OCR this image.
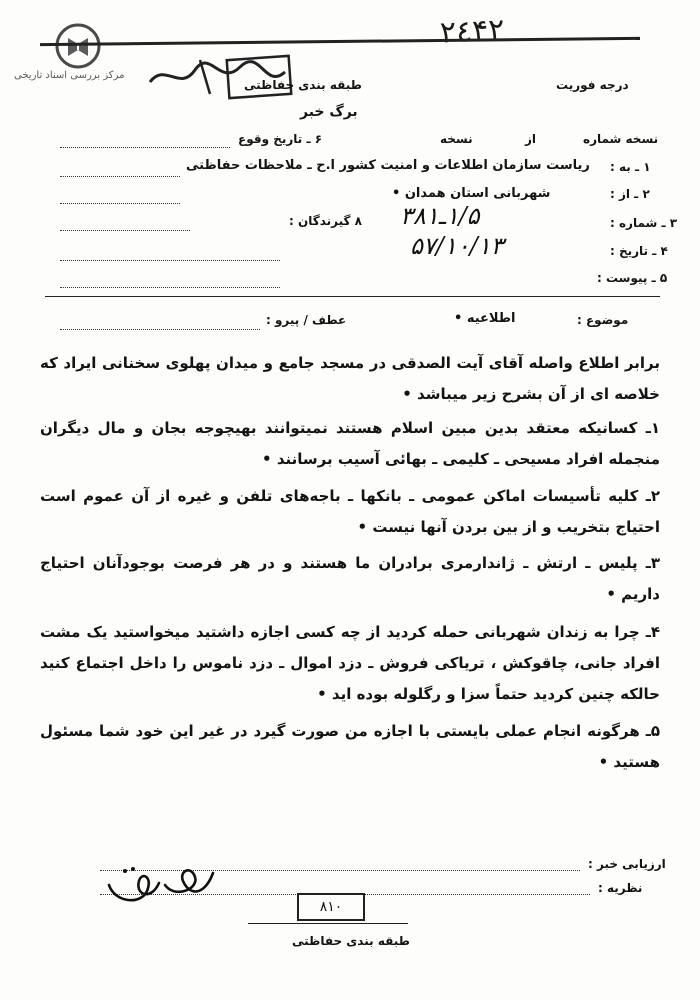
مرکز بررسی اسناد تاریخی
۲٤۴۲
طبقه بندی حفاظتی	درجه فوریت
برگ خبر
نسخه شماره
از
نسخه
۶ ـ تاریخ وقوع
۱ ـ به :
ریاست سازمان اطلاعات و امنیت کشور ا.ح ـ ملاحظات حفاظتی
۲ ـ از :
شهربانی استان همدان •
۳ ـ شماره :
۱/۵ـ۳۸۱
۸ گیرندگان :
۴ ـ تاریخ :
۵۷/۱۰/۱۳
۵ ـ پیوست :
موضوع :
اطلاعیه •
عطف / پیرو :
برابر اطلاع واصله آقای آیت الصدقی در مسجد جامع و میدان پهلوی سخنانی ایراد که خلاصه ای از آن بشرح زیر میباشد •
۱ـ کسانیکه معتقد بدین مبین اسلام هستند نمیتوانند بهیچوجه بجان و مال دیگران منجمله افراد مسیحی ـ کلیمی ـ بهائی آسیب برسانند •
۲ـ کلیه تأسیسات اماکن عمومی ـ بانکها ـ باجه‌های تلفن و غیره از آن عموم است احتیاج بتخریب و از بین بردن آنها نیست •
۳ـ پلیس ـ ارتش ـ ژاندارمری برادران ما هستند و در هر فرصت بوجودآنان احتیاج داریم •
۴ـ چرا به زندان شهربانی حمله کردید از چه کسی اجازه داشتید میخواستید یک مشت افراد جانی‌، چاقوکش ، تریاکی فروش ـ دزد اموال ـ دزد ناموس را داخل اجتماع کنید حالکه چنین کردید حتماً سزا و رگلوله بوده اید •
۵ـ هرگونه انجام عملی بایستی با اجازه من صورت گیرد در غیر این خود شما مسئول هستید •
ارزیابی خبر :
نظریه :
۸۱۰
طبقه بندی حفاظتی
